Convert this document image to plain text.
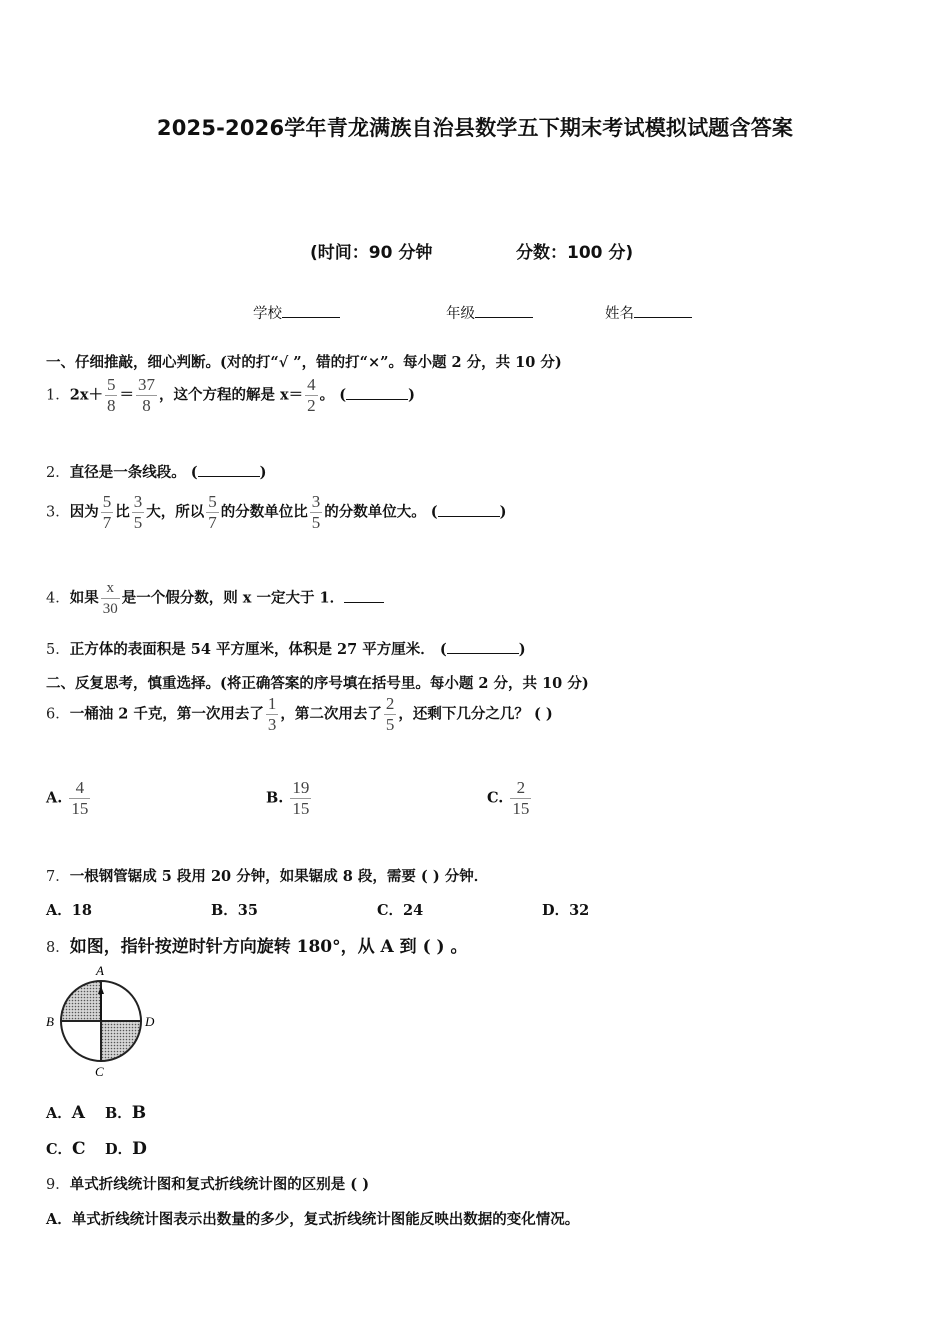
2025-2026学年青龙满族自治县数学五下期末考试模拟试题含答案
(时间：90 分钟	分数：100 分)
学校	年级	姓名
一、仔细推敲，细心判断。(对的打“√ ”，错的打“×”。每小题 2 分，共 10 分)
1．$2x+ \frac{5}{8} = \frac{37}{8}$ ，这个方程的解是 $x= \frac{4}{2}$ 。 (	)
2．直径是一条线段。 (	)
3．因为 $\frac{5}{7}$ 比 $\frac{3}{5}$ 大，所以 $\frac{5}{7}$ 的分数单位比 $\frac{3}{5}$ 的分数单位大。 (	)
4．如果 $\frac{x}{30}$ 是一个假分数，则 x 一定大于 1．
5．正方体的表面积是 54 平方厘米，体积是 27 平方厘米． (	)
二、反复思考，慎重选择。(将正确答案的序号填在括号里。每小题 2 分，共 10 分)
6．一桶油 2 千克，第一次用去了 $\frac{1}{3}$ ，第二次用去了 $\frac{2}{5}$ ，还剩下几分之几？ ( )
A. $\frac{4}{15}$	B. $\frac{19}{15}$	C. $\frac{2}{15}$
7．一根钢管锯成 5 段用 20 分钟，如果锯成 8 段，需要 ( ) 分钟．
A．18	B．35	C．24	D．32
8．如图，指针按逆时针方向旋转 180°，从 A 到 ( ) 。
A
B	D
C
A．A B．B
C．C D．D
9．单式折线统计图和复式折线统计图的区别是 ( )
A．单式折线统计图表示出数量的多少，复式折线统计图能反映出数据的变化情况。
